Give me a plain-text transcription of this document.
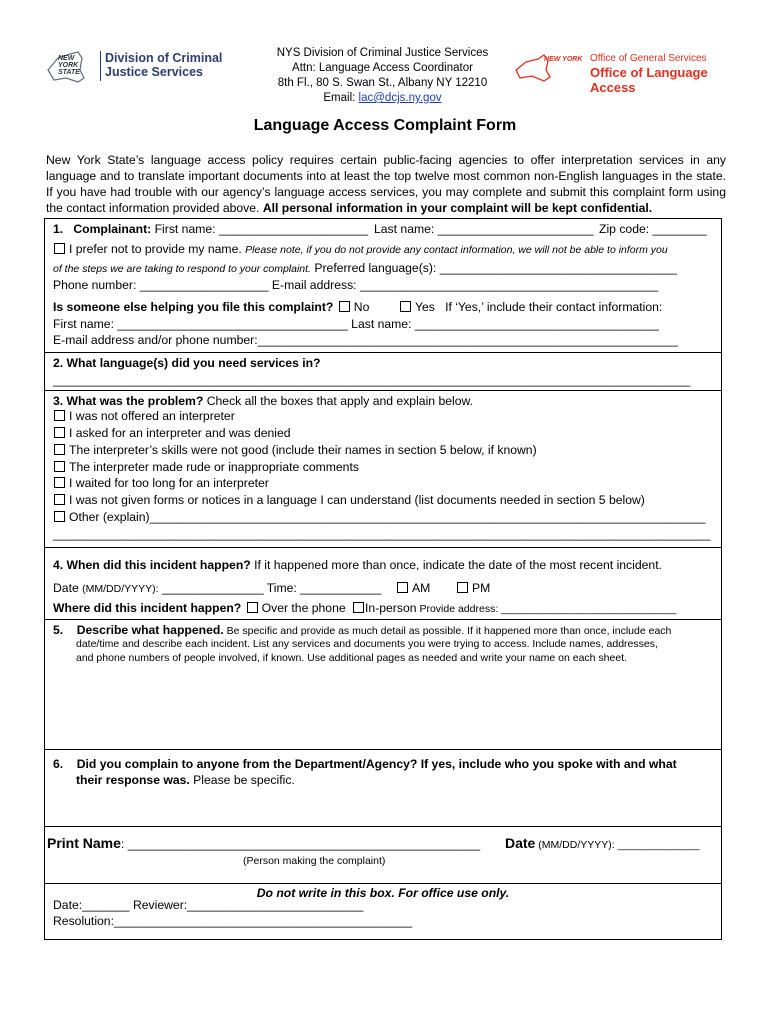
NEW
YORK
STATE
Division of Criminal
Justice Services
NYS Division of Criminal Justice Services
Attn: Language Access Coordinator
8th Fl., 80 S. Swan St., Albany NY 12210
Email: lac@dcjs.ny.gov
NEW YORK Office of General Services
Office of Language Access
Language Access Complaint Form
New York State’s language access policy requires certain public-facing agencies to offer interpretation services in any language and to translate important documents into at least the top twelve most common non-English languages in the state. If you have had trouble with our agency’s language access services, you may complete and submit this complaint form using the contact information provided above. All personal information in your complaint will be kept confidential.
1. Complainant: First name: ______________________ Last name: _______________________ Zip code: ________
I prefer not to provide my name. Please note, if you do not provide any contact information, we will not be able to inform you
of the steps we are taking to respond to your complaint. Preferred language(s): ___________________________________
Phone number: ___________________ E-mail address: ____________________________________________
Is someone else helping you file this complaint? No	Yes If ‘Yes,’ include their contact information:
First name: __________________________________ Last name: ____________________________________
E-mail address and/or phone number:______________________________________________________________
2. What language(s) did you need services in?
______________________________________________________________________________________________
3. What was the problem? Check all the boxes that apply and explain below.
I was not offered an interpreter
I asked for an interpreter and was denied
The interpreter’s skills were not good (include their names in section 5 below, if known)
The interpreter made rude or inappropriate comments
I waited for too long for an interpreter
I was not given forms or notices in a language I can understand (list documents needed in section 5 below)
Other (explain)__________________________________________________________________________________
_________________________________________________________________________________________________
4. When did this incident happen? If it happened more than once, indicate the date of the most recent incident.
Date (MM/DD/YYYY): _______________ Time: ____________	AM	PM
Where did this incident happen? Over the phone In-person Provide address: ______________________________
5. Describe what happened. Be specific and provide as much detail as possible. If it happened more than once, include each
date/time and describe each incident. List any services and documents you were trying to access. Include names, addresses,
and phone numbers of people involved, if known. Use additional pages as needed and write your name on each sheet.
6. Did you complain to anyone from the Department/Agency? If yes, include who you spoke with and what
their response was. Please be specific.
Print Name: ____________________________________________________ Date (MM/DD/YYYY): ______________
(Person making the complaint)
Do not write in this box. For office use only.
Date:_______ Reviewer:__________________________
Resolution:____________________________________________
